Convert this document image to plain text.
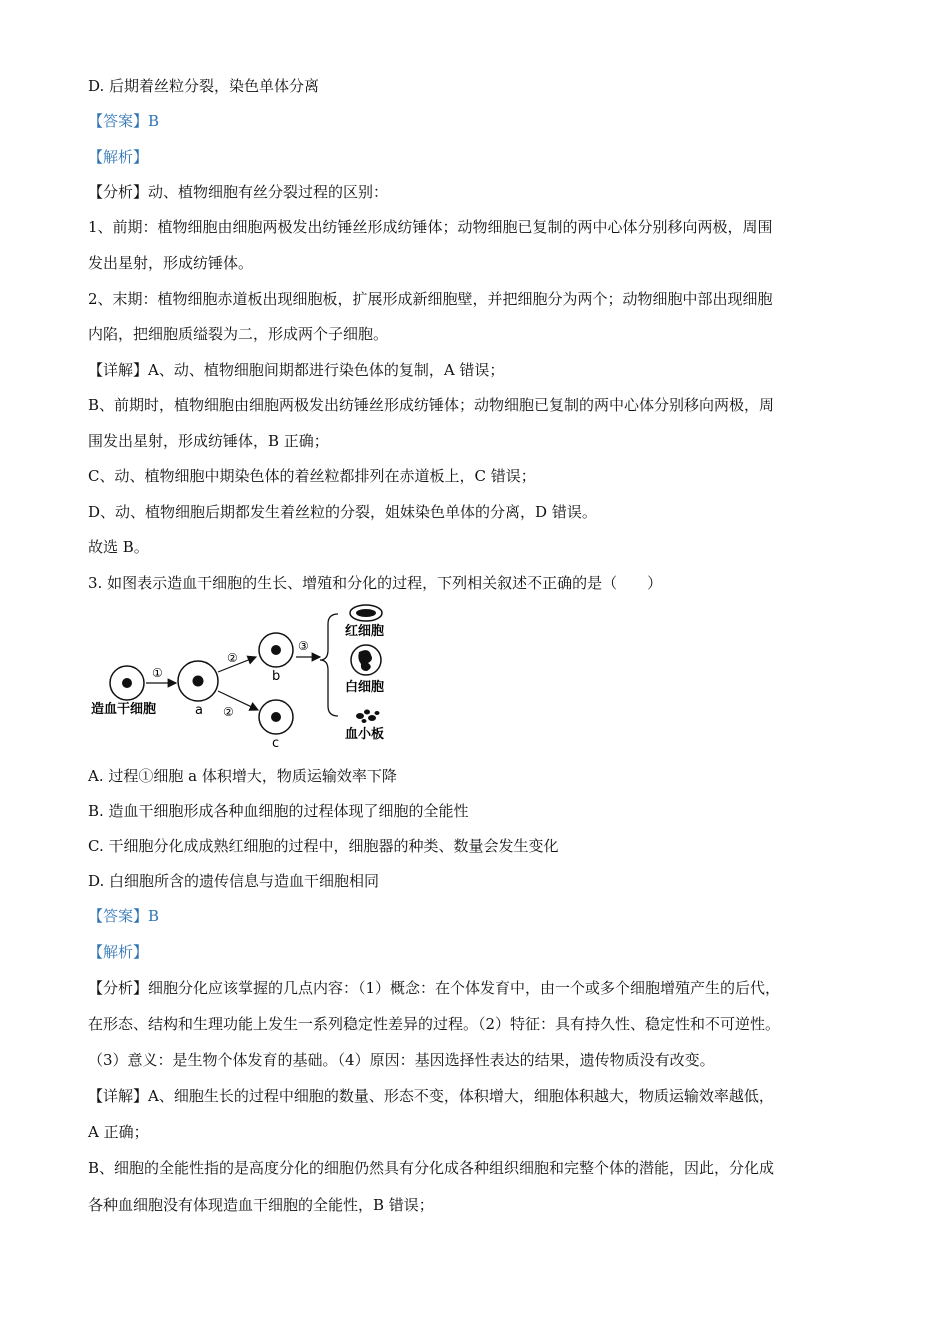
D. 后期着丝粒分裂，染色单体分离
【答案】B
【解析】
【分析】动、植物细胞有丝分裂过程的区别：
1、前期：植物细胞由细胞两极发出纺锤丝形成纺锤体；动物细胞已复制的两中心体分别移向两极，周围
发出星射，形成纺锤体。
2、末期：植物细胞赤道板出现细胞板，扩展形成新细胞壁，并把细胞分为两个；动物细胞中部出现细胞
内陷，把细胞质缢裂为二，形成两个子细胞。
【详解】A、动、植物细胞间期都进行染色体的复制，A 错误；
B、前期时，植物细胞由细胞两极发出纺锤丝形成纺锤体；动物细胞已复制的两中心体分别移向两极，周
围发出星射，形成纺锤体，B 正确；
C、动、植物细胞中期染色体的着丝粒都排列在赤道板上，C 错误；
D、动、植物细胞后期都发生着丝粒的分裂，姐妹染色单体的分离，D 错误。
故选 B。
3. 如图表示造血干细胞的生长、增殖和分化的过程，下列相关叙述不正确的是（　　）
造血干细胞
①
a
②
②
b
c
③
红细胞
白细胞
血小板
A. 过程①细胞 a 体积增大，物质运输效率下降
B. 造血干细胞形成各种血细胞的过程体现了细胞的全能性
C. 干细胞分化成成熟红细胞的过程中，细胞器的种类、数量会发生变化
D. 白细胞所含的遗传信息与造血干细胞相同
【答案】B
【解析】
【分析】细胞分化应该掌握的几点内容：（1）概念：在个体发育中，由一个或多个细胞增殖产生的后代，
在形态、结构和生理功能上发生一系列稳定性差异的过程。（2）特征：具有持久性、稳定性和不可逆性。
（3）意义：是生物个体发育的基础。（4）原因：基因选择性表达的结果，遗传物质没有改变。
【详解】A、细胞生长的过程中细胞的数量、形态不变，体积增大，细胞体积越大，物质运输效率越低，
A 正确；
B、细胞的全能性指的是高度分化的细胞仍然具有分化成各种组织细胞和完整个体的潜能，因此，分化成
各种血细胞没有体现造血干细胞的全能性，B 错误；
